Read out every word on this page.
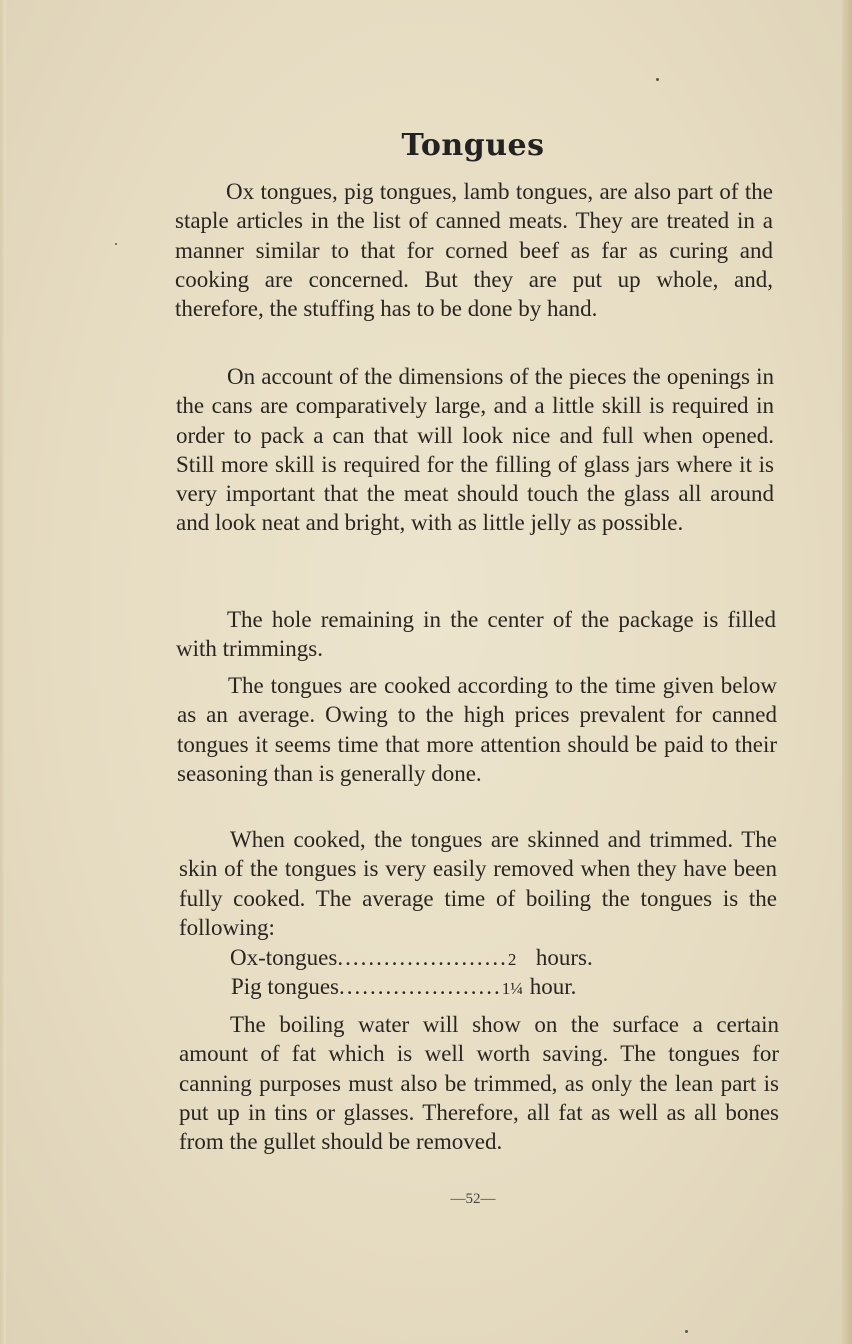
Tongues

Ox tongues, pig tongues, lamb tongues, are also part of the staple articles in the list of canned meats. They are treated in a manner similar to that for corned beef as far as curing and cooking are concerned. But they are put up whole, and, therefore, the stuffing has to be done by hand.

On account of the dimensions of the pieces the openings in the cans are comparatively large, and a little skill is required in order to pack a can that will look nice and full when opened. Still more skill is required for the filling of glass jars where it is very important that the meat should touch the glass all around and look neat and bright, with as little jelly as possible.

The hole remaining in the center of the package is filled with trimmings.

The tongues are cooked according to the time given below as an average. Owing to the high prices prevalent for canned tongues it seems time that more attention should be paid to their seasoning than is generally done.

When cooked, the tongues are skinned and trimmed. The skin of the tongues is very easily removed when they have been fully cooked. The average time of boiling the tongues is the following:

Ox-tongues......................2 hours.
Pig tongues.....................1¼ hour.

The boiling water will show on the surface a certain amount of fat which is well worth saving. The tongues for canning purposes must also be trimmed, as only the lean part is put up in tins or glasses. Therefore, all fat as well as all bones from the gullet should be removed.

—52—
